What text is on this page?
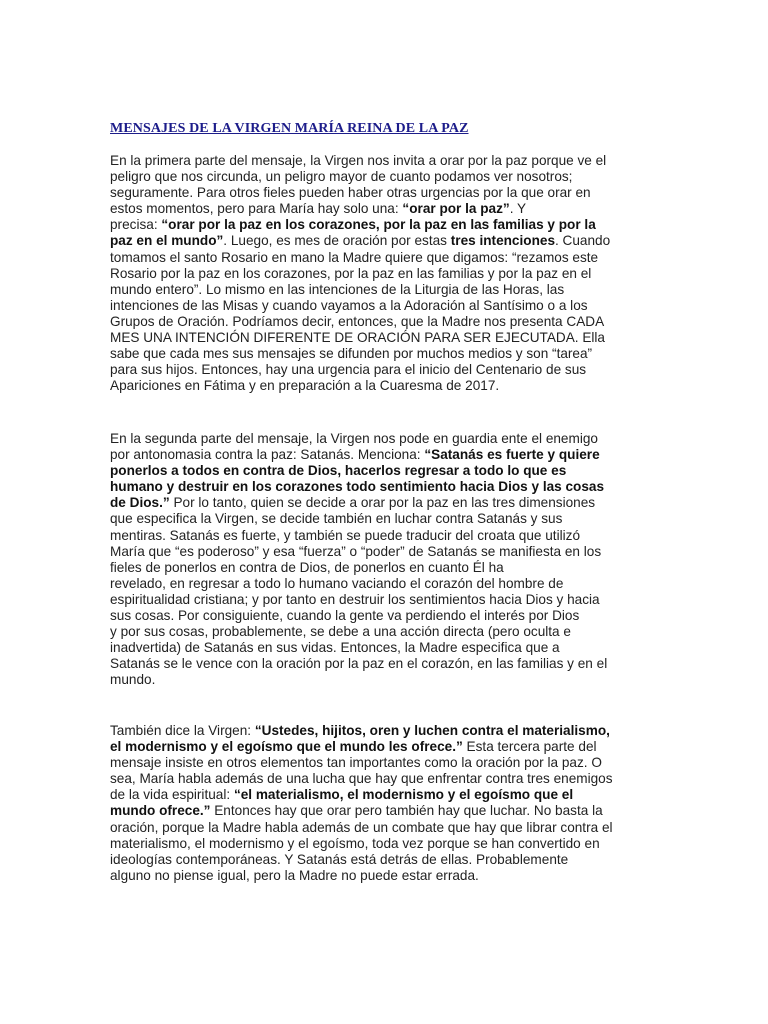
MENSAJES DE LA VIRGEN MARÍA REINA DE LA PAZ

En la primera parte del mensaje, la Virgen nos invita a orar por la paz porque ve el
peligro que nos circunda, un peligro mayor de cuanto podamos ver nosotros;
seguramente. Para otros fieles pueden haber otras urgencias por la que orar en
estos momentos, pero para María hay solo una: “orar por la paz”. Y
precisa: “orar por la paz en los corazones, por la paz en las familias y por la
paz en el mundo”. Luego, es mes de oración por estas tres intenciones. Cuando
tomamos el santo Rosario en mano la Madre quiere que digamos: “rezamos este
Rosario por la paz en los corazones, por la paz en las familias y por la paz en el
mundo entero”. Lo mismo en las intenciones de la Liturgia de las Horas, las
intenciones de las Misas y cuando vayamos a la Adoración al Santísimo o a los
Grupos de Oración. Podríamos decir, entonces, que la Madre nos presenta CADA
MES UNA INTENCIÓN DIFERENTE DE ORACIÓN PARA SER EJECUTADA. Ella
sabe que cada mes sus mensajes se difunden por muchos medios y son “tarea”
para sus hijos. Entonces, hay una urgencia para el inicio del Centenario de sus
Apariciones en Fátima y en preparación a la Cuaresma de 2017.

En la segunda parte del mensaje, la Virgen nos pode en guardia ente el enemigo
por antonomasia contra la paz: Satanás. Menciona: “Satanás es fuerte y quiere
ponerlos a todos en contra de Dios, hacerlos regresar a todo lo que es
humano y destruir en los corazones todo sentimiento hacia Dios y las cosas
de Dios.” Por lo tanto, quien se decide a orar por la paz en las tres dimensiones
que especifica la Virgen, se decide también en luchar contra Satanás y sus
mentiras. Satanás es fuerte, y también se puede traducir del croata que utilizó
María que “es poderoso” y esa “fuerza” o “poder” de Satanás se manifiesta en los
fieles de ponerlos en contra de Dios, de ponerlos en cuanto Él ha
revelado, en regresar a todo lo humano vaciando el corazón del hombre de
espiritualidad cristiana; y por tanto en destruir los sentimientos hacia Dios y hacia
sus cosas. Por consiguiente, cuando la gente va perdiendo el interés por Dios
y por sus cosas, probablemente, se debe a una acción directa (pero oculta e
inadvertida) de Satanás en sus vidas. Entonces, la Madre especifica que a
Satanás se le vence con la oración por la paz en el corazón, en las familias y en el
mundo.

También dice la Virgen: “Ustedes, hijitos, oren y luchen contra el materialismo,
el modernismo y el egoísmo que el mundo les ofrece.” Esta tercera parte del
mensaje insiste en otros elementos tan importantes como la oración por la paz. O
sea, María habla además de una lucha que hay que enfrentar contra tres enemigos
de la vida espiritual: “el materialismo, el modernismo y el egoísmo que el
mundo ofrece.” Entonces hay que orar pero también hay que luchar. No basta la
oración, porque la Madre habla además de un combate que hay que librar contra el
materialismo, el modernismo y el egoísmo, toda vez porque se han convertido en
ideologías contemporáneas. Y Satanás está detrás de ellas. Probablemente
alguno no piense igual, pero la Madre no puede estar errada.
